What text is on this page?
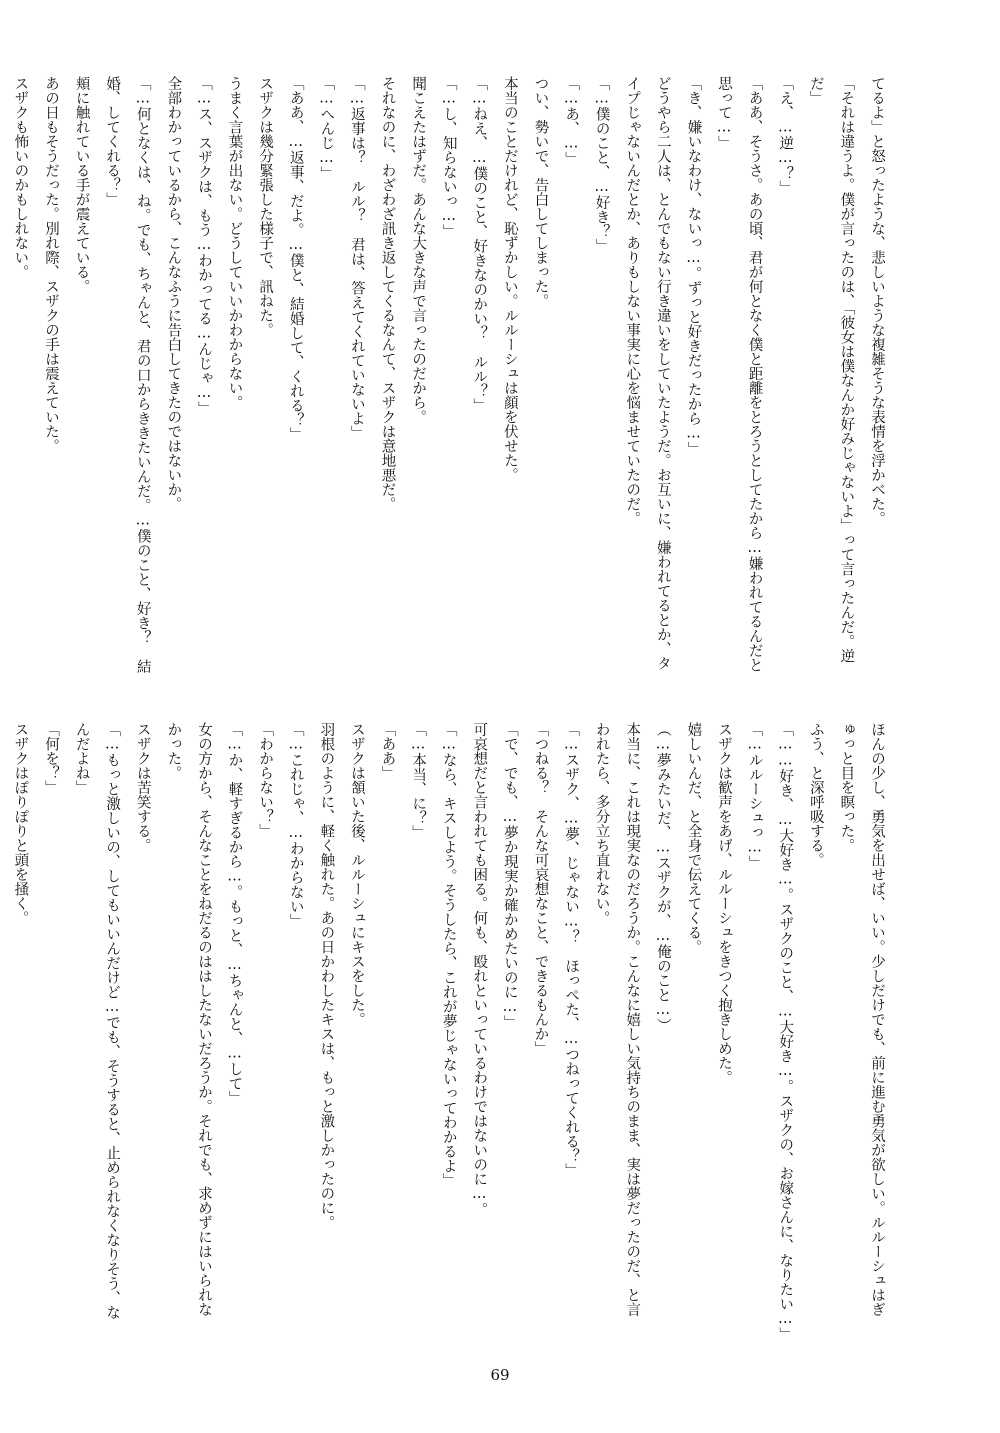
てるよ」と怒ったような、悲しいような複雑そうな表情を浮かべた。
「それは違うよ。僕が言ったのは、「彼女は僕なんか好みじゃないよ」って言ったんだ。逆
だ」
「え、…逆…？」
「ああ、そうさ。あの頃、君が何となく僕と距離をとろうとしてたから…嫌われてるんだと
思って…」
「き、嫌いなわけ、ないっ…。ずっと好きだったから…」
どうやら二人は、とんでもない行き違いをしていたようだ。お互いに、嫌われてるとか、タ
イプじゃないんだとか、ありもしない事実に心を悩ませていたのだ。
「…僕のこと、…好き？」
「…あ、…」
つい、勢いで、告白してしまった。
本当のことだけれど、恥ずかしい。ルルーシュは顔を伏せた。
「…ねえ、…僕のこと、好きなのかい？　ルル？」
「…し、知らないっ…」
聞こえたはずだ。あんな大きな声で言ったのだから。
それなのに、わざわざ訊き返してくるなんて、スザクは意地悪だ。
「…返事は？　ルル？　君は、答えてくれていないよ」
「…へんじ…」
「ああ、…返事、だよ。…僕と、結婚して、くれる？」
スザクは幾分緊張した様子で、訊ねた。
うまく言葉が出ない。どうしていいかわからない。
「…ス、スザクは、もう…わかってる…んじゃ…」
全部わかっているから、こんなふうに告白してきたのではないか。
「…何となくは、ね。でも、ちゃんと、君の口からききたいんだ。…僕のこと、好き？　結
婚、してくれる？」
頬に触れている手が震えている。
あの日もそうだった。別れ際、スザクの手は震えていた。
スザクも怖いのかもしれない。
ほんの少し、勇気を出せば、いい。少しだけでも、前に進む勇気が欲しい。ルルーシュはぎ
ゅっと目を瞑った。
ふう、と深呼吸する。
「……好き、…大好き…。スザクのこと、…大好き…。スザクの、お嫁さんに、なりたい…」
「…ルルーシュっ…」
スザクは歓声をあげ、ルルーシュをきつく抱きしめた。
嬉しいんだ、と全身で伝えてくる。
（…夢みたいだ、…スザクが、…俺のこと…）
本当に、これは現実なのだろうか。こんなに嬉しい気持ちのまま、実は夢だったのだ、と言
われたら、多分立ち直れない。
「…スザク、…夢、じゃない…？　ほっぺた、…つねってくれる？」
「つねる？　そんな可哀想なこと、できるもんか」
「で、でも、…夢か現実か確かめたいのに…」
可哀想だと言われても困る。何も、殴れといっているわけではないのに…。
「…なら、キスしよう。そうしたら、これが夢じゃないってわかるよ」
「…本当、に？」
「ああ」
スザクは頷いた後、ルルーシュにキスをした。
羽根のように、軽く触れた。あの日かわしたキスは、もっと激しかったのに。
「…これじゃ、…わからない」
「わからない？」
「…か、軽すぎるから…。もっと、…ちゃんと、…して」
女の方から、そんなことをねだるのははしたないだろうか。それでも、求めずにはいられな
かった。
スザクは苦笑する。
「…もっと激しいの、してもいいんだけど…でも、そうすると、止められなくなりそう、な
んだよね」
「何を？」
スザクはぽりぽりと頭を掻く。
69
